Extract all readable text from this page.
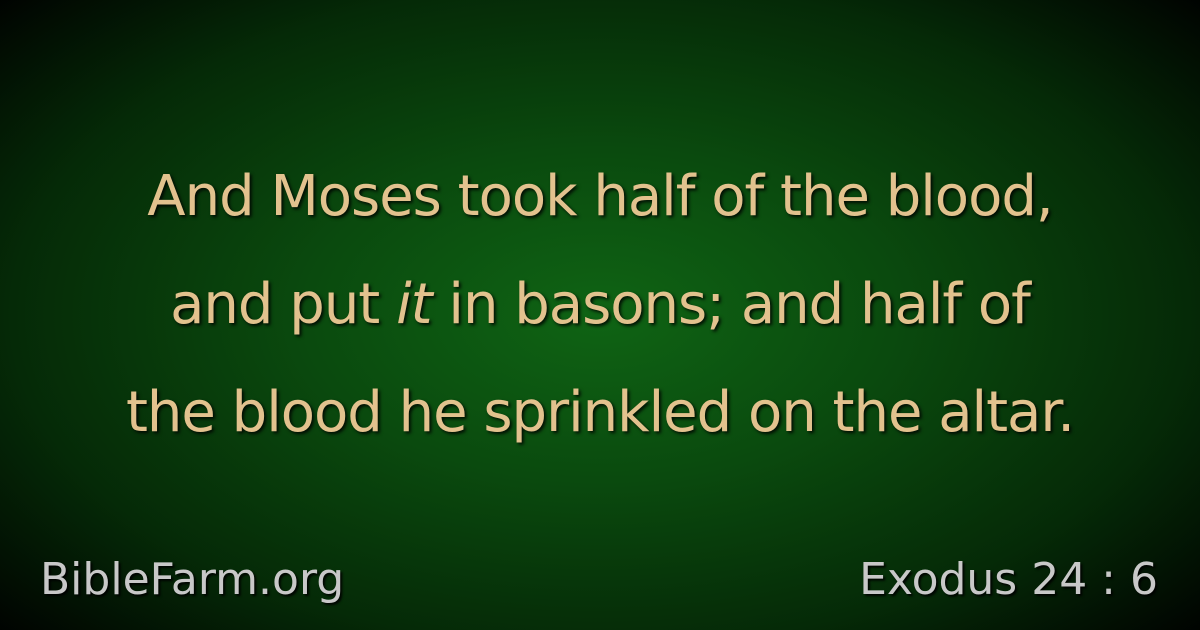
And Moses took half of the blood,
and put it in basons; and half of
the blood he sprinkled on the altar.
BibleFarm.org	Exodus 24 : 6
